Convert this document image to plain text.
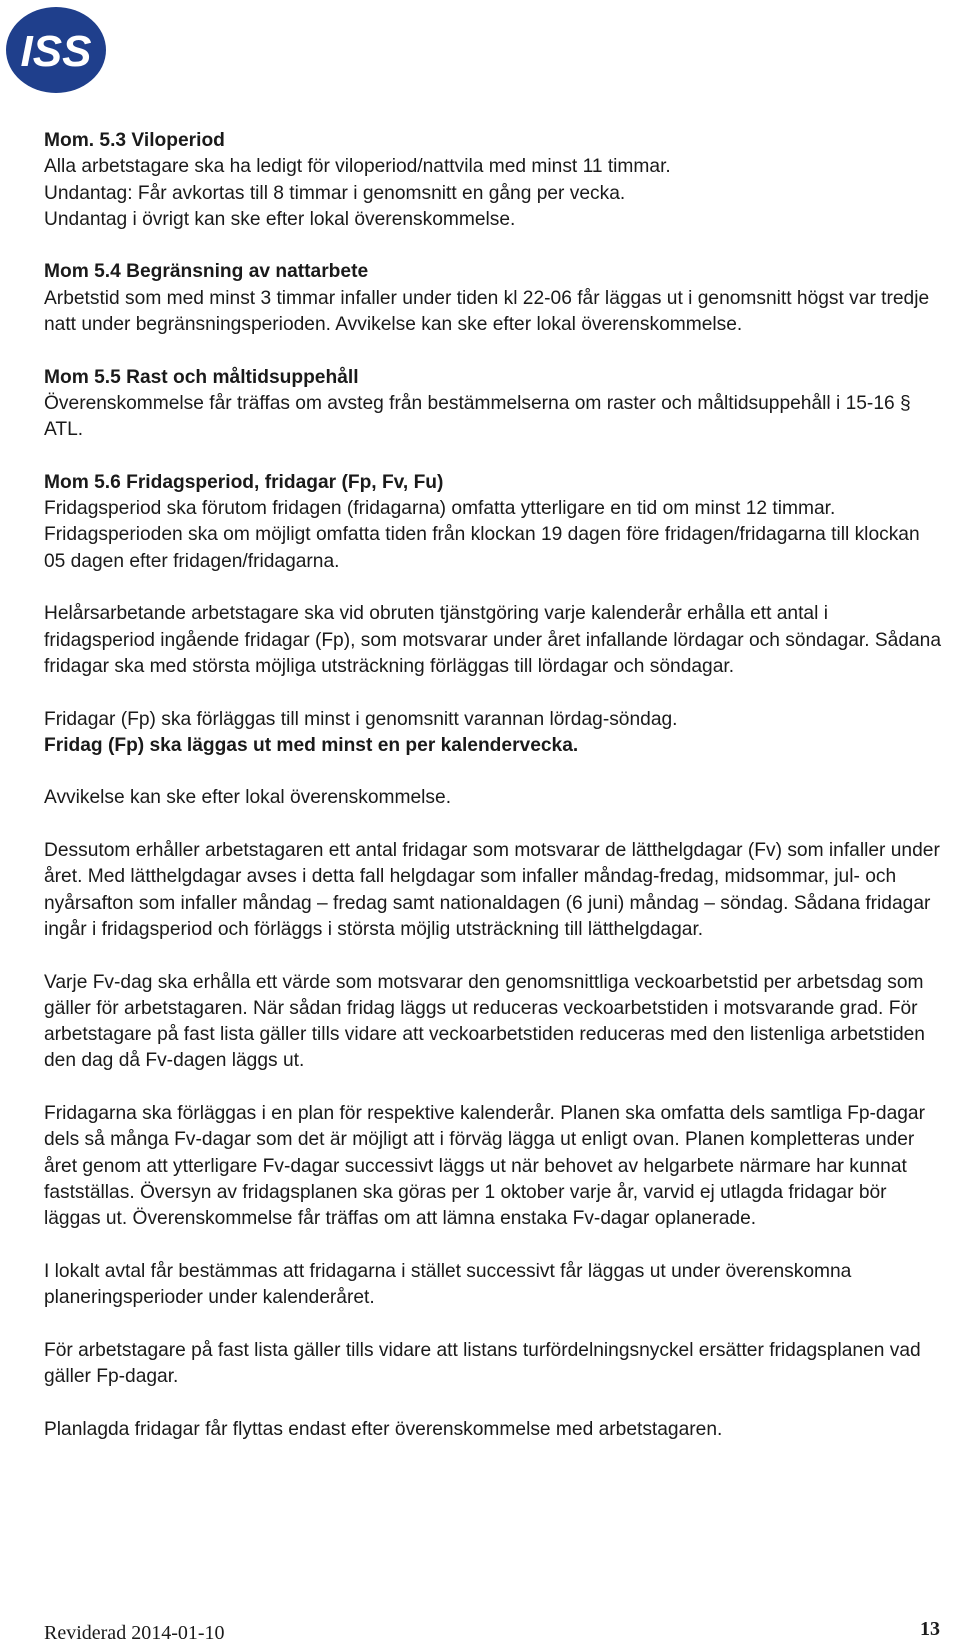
ISS

Mom. 5.3 Viloperiod

Alla arbetstagare ska ha ledigt för viloperiod/nattvila med minst 11 timmar.

Undantag: Får avkortas till 8 timmar i genomsnitt en gång per vecka.

Undantag i övrigt kan ske efter lokal överenskommelse.

Mom 5.4 Begränsning av nattarbete

Arbetstid som med minst 3 timmar infaller under tiden kl 22-06 får läggas ut i genomsnitt högst var tredje natt under begränsningsperioden. Avvikelse kan ske efter lokal överenskommelse.

Mom 5.5 Rast och måltidsuppehåll

Överenskommelse får träffas om avsteg från bestämmelserna om raster och måltidsuppehåll i 15-16 § ATL.

Mom 5.6 Fridagsperiod, fridagar (Fp, Fv, Fu)

Fridagsperiod ska förutom fridagen (fridagarna) omfatta ytterligare en tid om minst 12 timmar.

Fridagsperioden ska om möjligt omfatta tiden från klockan 19 dagen före fridagen/fridagarna till klockan 05 dagen efter fridagen/fridagarna.

Helårsarbetande arbetstagare ska vid obruten tjänstgöring varje kalenderår erhålla ett antal i fridagsperiod ingående fridagar (Fp), som motsvarar under året infallande lördagar och söndagar. Sådana fridagar ska med största möjliga utsträckning förläggas till lördagar och söndagar.

Fridagar (Fp) ska förläggas till minst i genomsnitt varannan lördag-söndag.

Fridag (Fp) ska läggas ut med minst en per kalendervecka.

Avvikelse kan ske efter lokal överenskommelse.

Dessutom erhåller arbetstagaren ett antal fridagar som motsvarar de lätthelgdagar (Fv) som infaller under året. Med lätthelgdagar avses i detta fall helgdagar som infaller måndag-fredag, midsommar, jul- och nyårsafton som infaller måndag – fredag samt nationaldagen (6 juni) måndag – söndag. Sådana fridagar ingår i fridagsperiod och förläggs i största möjlig utsträckning till lätthelgdagar.

Varje Fv-dag ska erhålla ett värde som motsvarar den genomsnittliga veckoarbetstid per arbetsdag som gäller för arbetstagaren. När sådan fridag läggs ut reduceras veckoarbetstiden i motsvarande grad. För arbetstagare på fast lista gäller tills vidare att veckoarbetstiden reduceras med den listenliga arbetstiden den dag då Fv-dagen läggs ut.

Fridagarna ska förläggas i en plan för respektive kalenderår. Planen ska omfatta dels samtliga Fp-dagar dels så många Fv-dagar som det är möjligt att i förväg lägga ut enligt ovan. Planen kompletteras under året genom att ytterligare Fv-dagar successivt läggs ut när behovet av helgarbete närmare har kunnat fastställas. Översyn av fridagsplanen ska göras per 1 oktober varje år, varvid ej utlagda fridagar bör läggas ut. Överenskommelse får träffas om att lämna enstaka Fv-dagar oplanerade.

I lokalt avtal får bestämmas att fridagarna i stället successivt får läggas ut under överenskomna planeringsperioder under kalenderåret.

För arbetstagare på fast lista gäller tills vidare att listans turfördelningsnyckel ersätter fridagsplanen vad gäller Fp-dagar.

Planlagda fridagar får flyttas endast efter överenskommelse med arbetstagaren.

Reviderad 2014-01-10	13
